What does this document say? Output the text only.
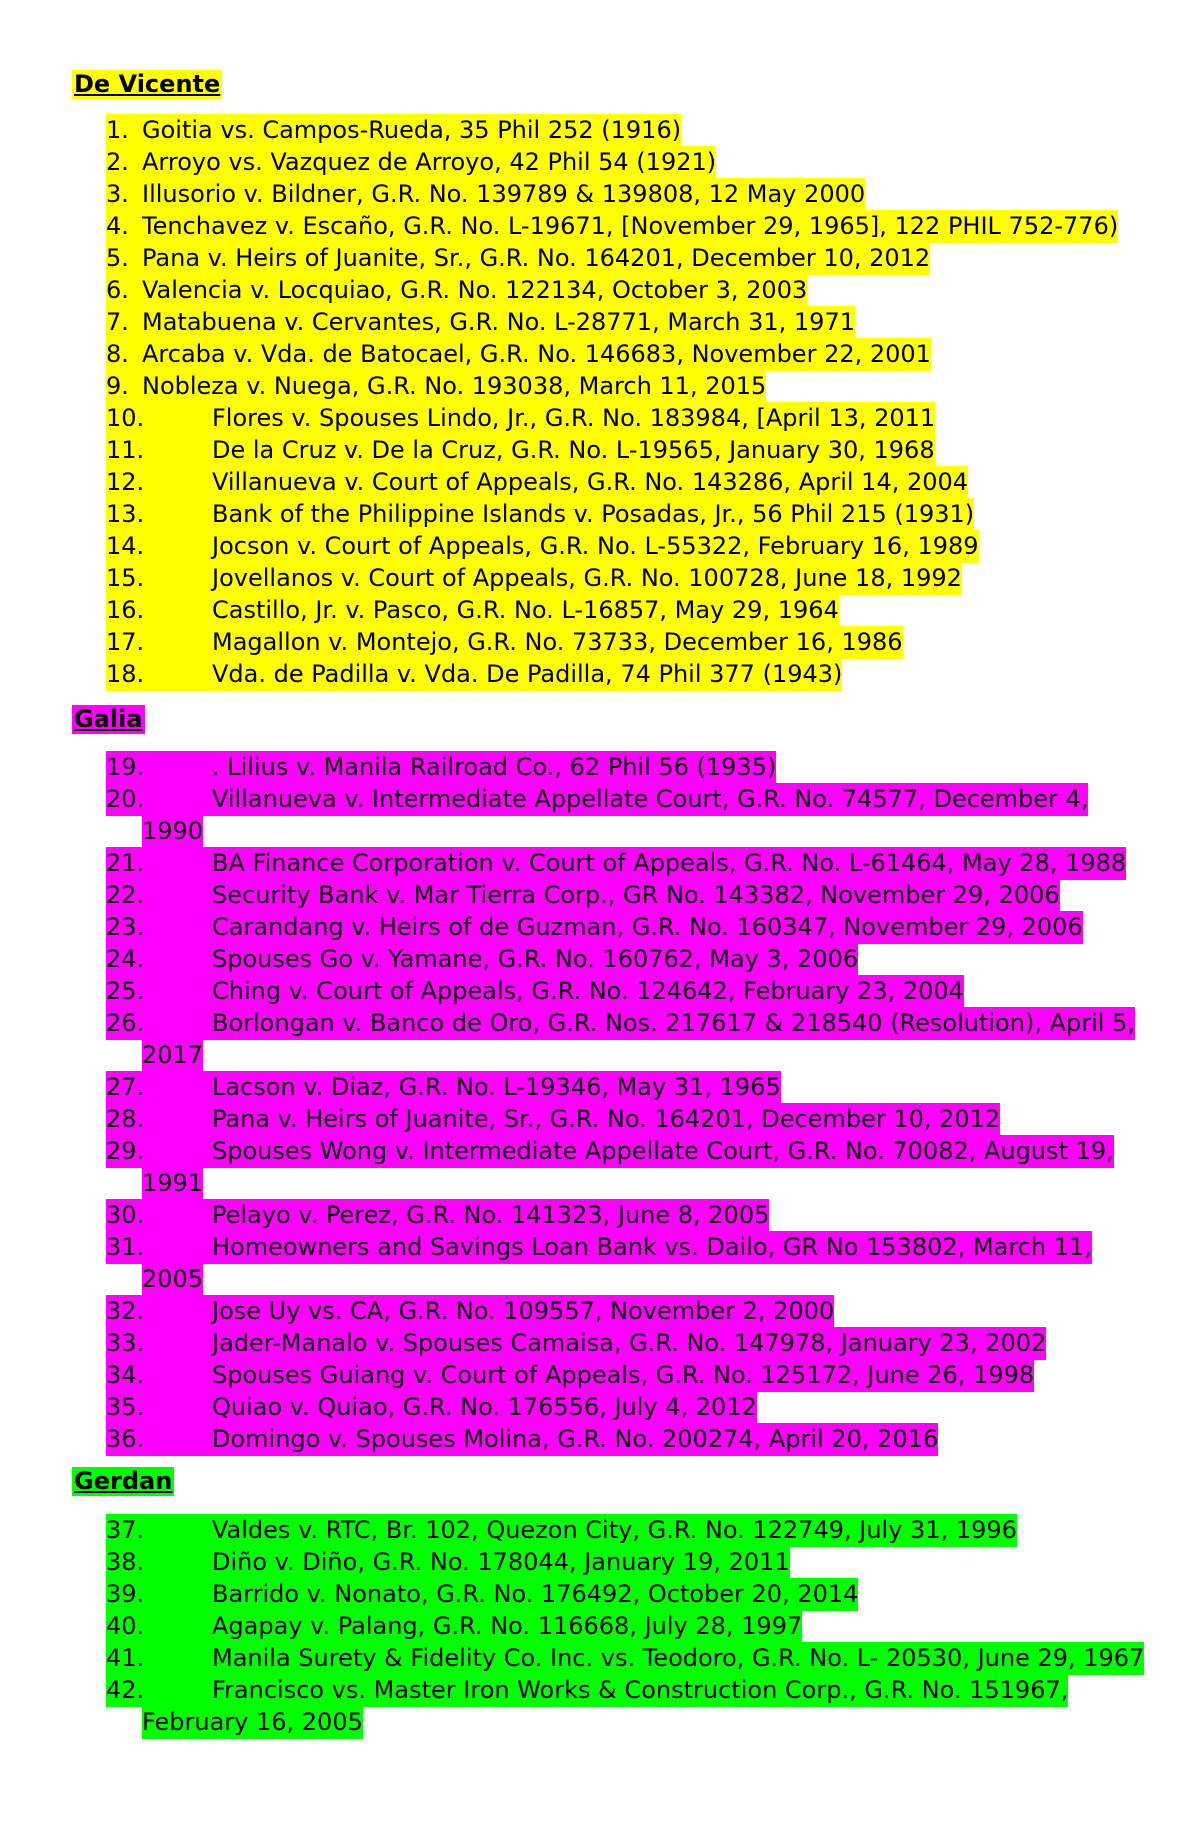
De Vicente
1. Goitia vs. Campos-Rueda, 35 Phil 252 (1916)
2. Arroyo vs. Vazquez de Arroyo, 42 Phil 54 (1921)
3. Illusorio v. Bildner, G.R. No. 139789 & 139808, 12 May 2000
4. Tenchavez v. Escaño, G.R. No. L-19671, [November 29, 1965], 122 PHIL 752-776)
5. Pana v. Heirs of Juanite, Sr., G.R. No. 164201, December 10, 2012
6. Valencia v. Locquiao, G.R. No. 122134, October 3, 2003
7. Matabuena v. Cervantes, G.R. No. L-28771, March 31, 1971
8. Arcaba v. Vda. de Batocael, G.R. No. 146683, November 22, 2001
9. Nobleza v. Nuega, G.R. No. 193038, March 11, 2015
10.	Flores v. Spouses Lindo, Jr., G.R. No. 183984, [April 13, 2011
11.	De la Cruz v. De la Cruz, G.R. No. L-19565, January 30, 1968
12.	Villanueva v. Court of Appeals, G.R. No. 143286, April 14, 2004
13.	Bank of the Philippine Islands v. Posadas, Jr., 56 Phil 215 (1931)
14.	Jocson v. Court of Appeals, G.R. No. L-55322, February 16, 1989
15.	Jovellanos v. Court of Appeals, G.R. No. 100728, June 18, 1992
16.	Castillo, Jr. v. Pasco, G.R. No. L-16857, May 29, 1964
17.	Magallon v. Montejo, G.R. No. 73733, December 16, 1986
18.	Vda. de Padilla v. Vda. De Padilla, 74 Phil 377 (1943)
Galia
19.	. Lilius v. Manila Railroad Co., 62 Phil 56 (1935)
20.	Villanueva v. Intermediate Appellate Court, G.R. No. 74577, December 4,
1990
21.	BA Finance Corporation v. Court of Appeals, G.R. No. L-61464, May 28, 1988
22.	Security Bank v. Mar Tierra Corp., GR No. 143382, November 29, 2006
23.	Carandang v. Heirs of de Guzman, G.R. No. 160347, November 29, 2006
24.	Spouses Go v. Yamane, G.R. No. 160762, May 3, 2006
25.	Ching v. Court of Appeals, G.R. No. 124642, February 23, 2004
26.	Borlongan v. Banco de Oro, G.R. Nos. 217617 & 218540 (Resolution), April 5,
2017
27.	Lacson v. Diaz, G.R. No. L-19346, May 31, 1965
28.	Pana v. Heirs of Juanite, Sr., G.R. No. 164201, December 10, 2012
29.	Spouses Wong v. Intermediate Appellate Court, G.R. No. 70082, August 19,
1991
30.	Pelayo v. Perez, G.R. No. 141323, June 8, 2005
31.	Homeowners and Savings Loan Bank vs. Dailo, GR No 153802, March 11,
2005
32.	Jose Uy vs. CA, G.R. No. 109557, November 2, 2000
33.	Jader-Manalo v. Spouses Camaisa, G.R. No. 147978, January 23, 2002
34.	Spouses Guiang v. Court of Appeals, G.R. No. 125172, June 26, 1998
35.	Quiao v. Quiao, G.R. No. 176556, July 4, 2012
36.	Domingo v. Spouses Molina, G.R. No. 200274, April 20, 2016
Gerdan
37.	Valdes v. RTC, Br. 102, Quezon City, G.R. No. 122749, July 31, 1996
38.	Diño v. Diño, G.R. No. 178044, January 19, 2011
39.	Barrido v. Nonato, G.R. No. 176492, October 20, 2014
40.	Agapay v. Palang, G.R. No. 116668, July 28, 1997
41.	Manila Surety & Fidelity Co. Inc. vs. Teodoro, G.R. No. L- 20530, June 29, 1967
42.	Francisco vs. Master Iron Works & Construction Corp., G.R. No. 151967,
February 16, 2005
